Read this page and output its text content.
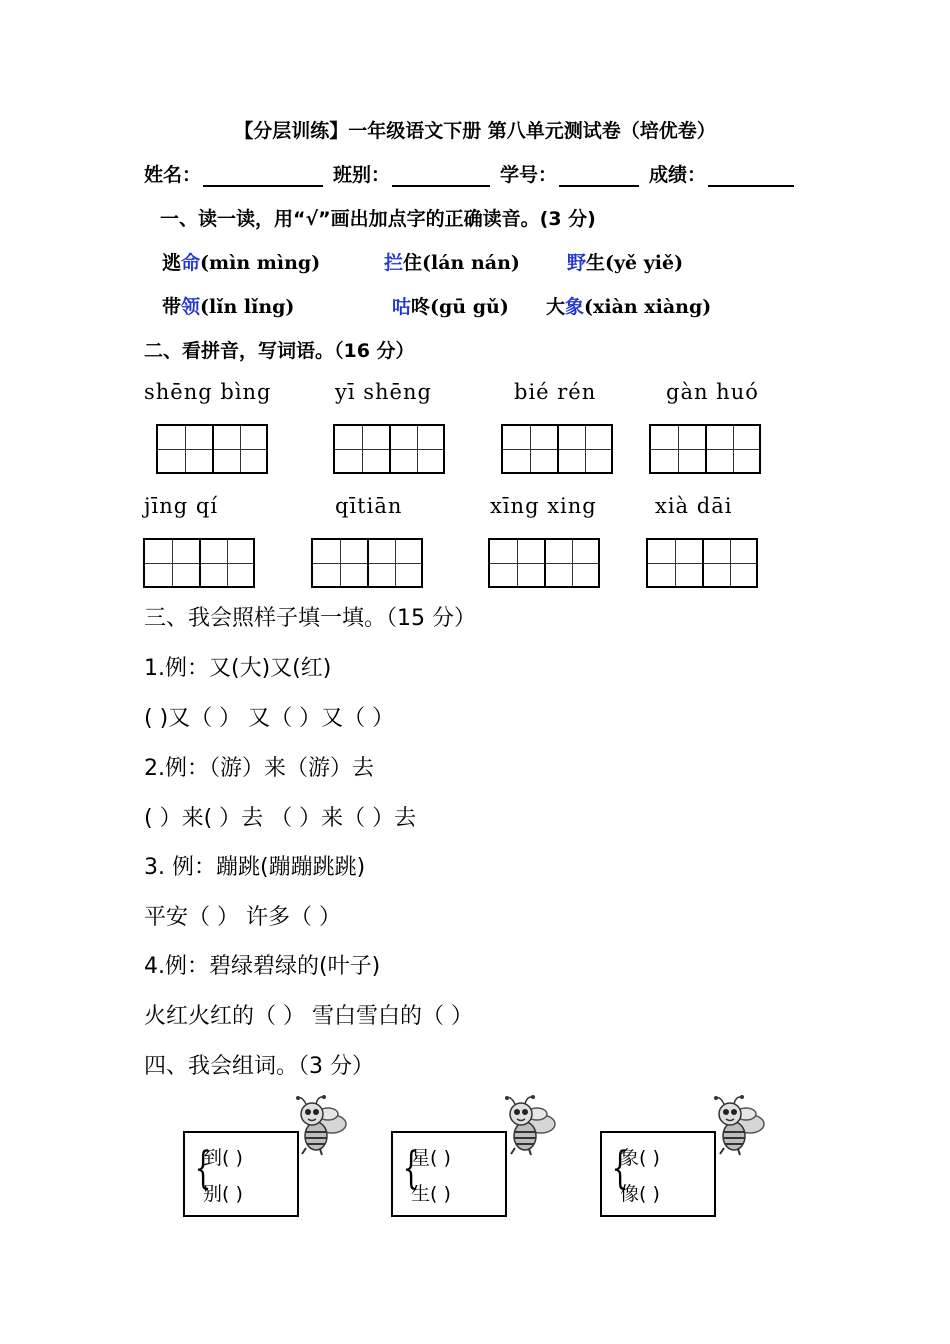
【分层训练】一年级语文下册 第八单元测试卷（培优卷）
姓名：	班别：	学号：	成绩：
一、读一读，用“√”画出加点字的正确读音。(3 分)
逃命(mìn mìng)	拦住(lán nán) 野生(yě yiě)
带领(lǐn lǐng)	咕咚(gū gǔ) 大象(xiàn xiàng)
二、看拼音，写词语。（16 分）
shēng bìng	yī shēng	bié rén	gàn huó
jīng qí	qītiān	xīng xing	xià dāi
三、我会照样子填一填。（15 分）
1.例：又(大)又(红)
( )又（ ） 又（ ）又（ ）
2.例：（游）来（游）去
( ）来( ）去 （ ）来（ ）去
3. 例：蹦跳(蹦蹦跳跳)
平安（ ） 许多（ ）
4.例：碧绿碧绿的(叶子)
火红火红的（ ） 雪白雪白的（ ）
四、我会组词。（3 分）
{
到( )
别( )	{
星( )
生( )	{
象( )
像( )
